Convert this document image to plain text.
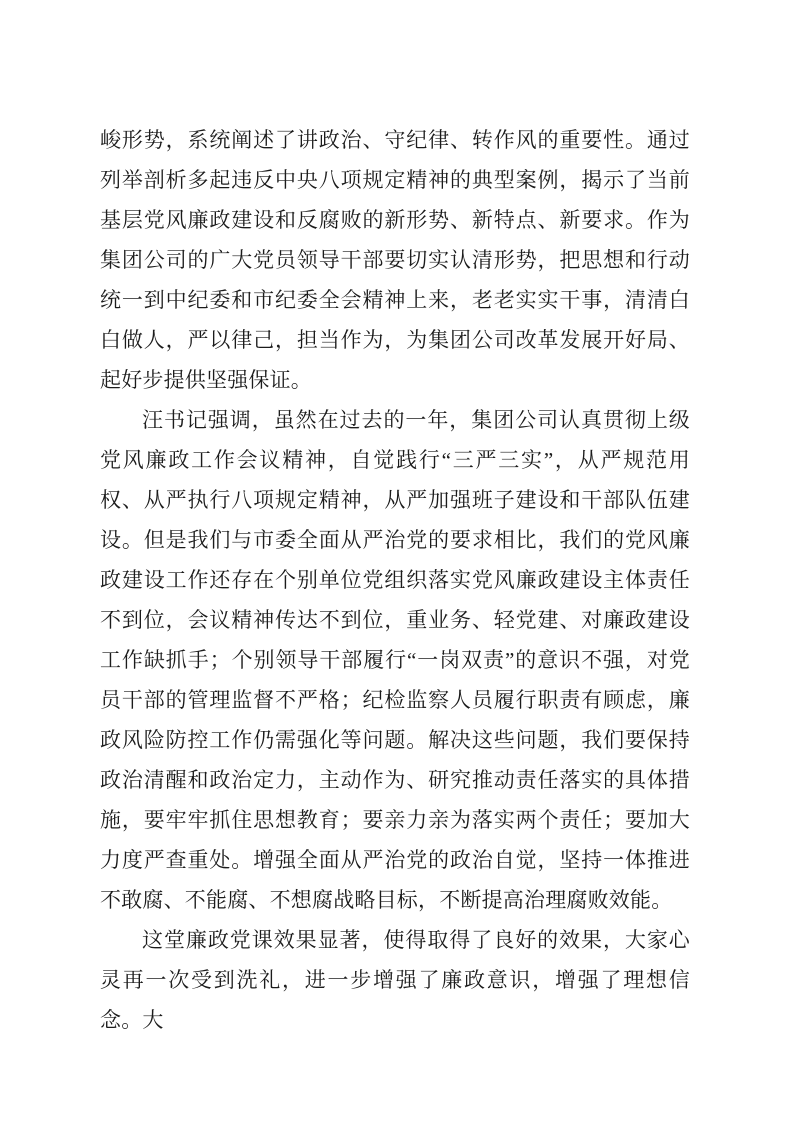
峻形势，系统阐述了讲政治、守纪律、转作风的重要性。通过列举剖析多起违反中央八项规定精神的典型案例，揭示了当前基层党风廉政建设和反腐败的新形势、新特点、新要求。作为集团公司的广大党员领导干部要切实认清形势，把思想和行动统一到中纪委和市纪委全会精神上来，老老实实干事，清清白白做人，严以律己，担当作为，为集团公司改革发展开好局、起好步提供坚强保证。

汪书记强调，虽然在过去的一年，集团公司认真贯彻上级党风廉政工作会议精神，自觉践行“三严三实”，从严规范用权、从严执行八项规定精神，从严加强班子建设和干部队伍建设。但是我们与市委全面从严治党的要求相比，我们的党风廉政建设工作还存在个别单位党组织落实党风廉政建设主体责任不到位，会议精神传达不到位，重业务、轻党建、对廉政建设工作缺抓手；个别领导干部履行“一岗双责”的意识不强，对党员干部的管理监督不严格；纪检监察人员履行职责有顾虑，廉政风险防控工作仍需强化等问题。解决这些问题，我们要保持政治清醒和政治定力，主动作为、研究推动责任落实的具体措施，要牢牢抓住思想教育；要亲力亲为落实两个责任；要加大力度严查重处。增强全面从严治党的政治自觉，坚持一体推进不敢腐、不能腐、不想腐战略目标，不断提高治理腐败效能。

这堂廉政党课效果显著，使得取得了良好的效果，大家心灵再一次受到洗礼，进一步增强了廉政意识，增强了理想信念。大
